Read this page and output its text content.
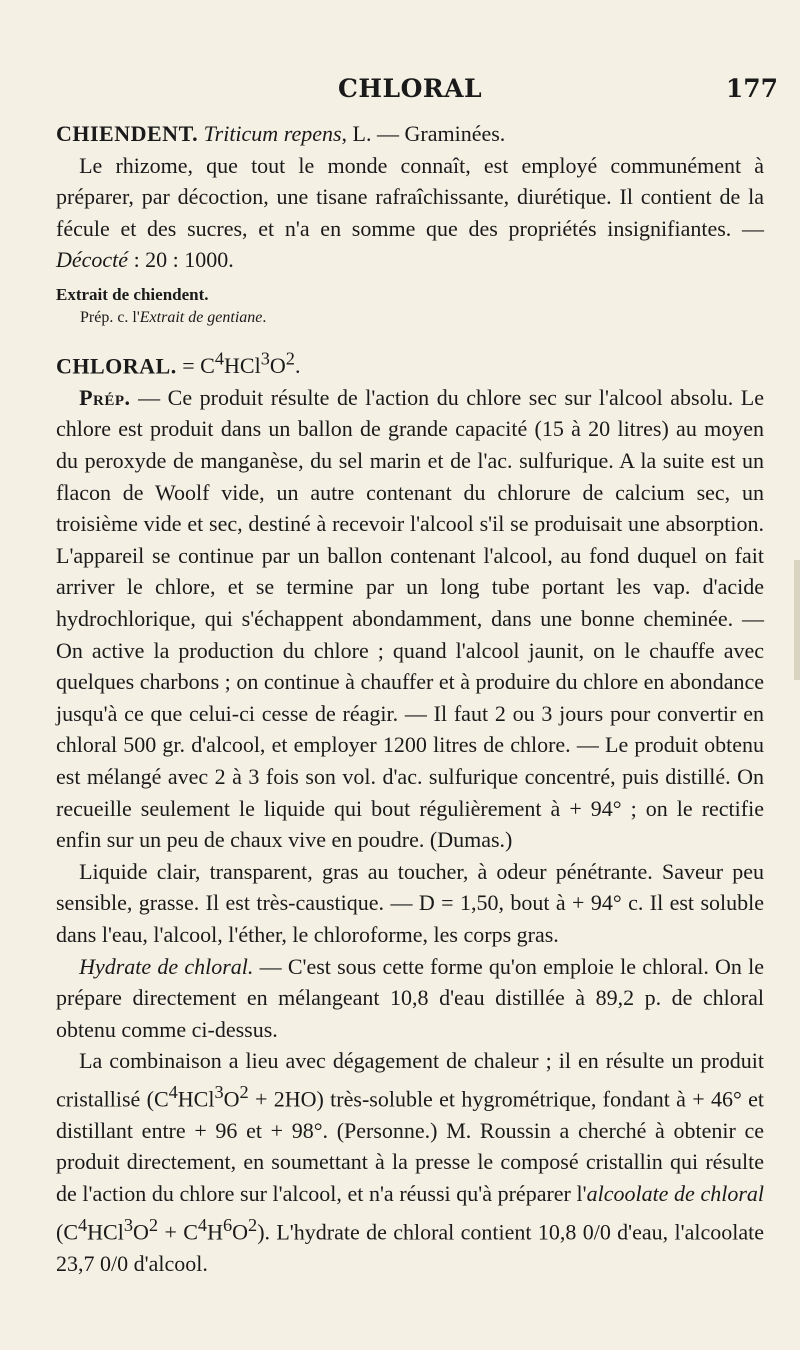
CHLORAL	177

CHIENDENT. Triticum repens, L. — Graminées.

Le rhizome, que tout le monde connaît, est employé communément à préparer, par décoction, une tisane rafraîchissante, diurétique. Il contient de la fécule et des sucres, et n'a en somme que des propriétés insignifiantes. — Décocté : 20 : 1000.

Extrait de chiendent.

Prép. c. l'Extrait de gentiane.

CHLORAL. = $C^4HCl^3O^2$.

Prép. — Ce produit résulte de l'action du chlore sec sur l'alcool absolu. Le chlore est produit dans un ballon de grande capacité (15 à 20 litres) au moyen du peroxyde de manganèse, du sel marin et de l'ac. sulfurique. A la suite est un flacon de Woolf vide, un autre contenant du chlorure de calcium sec, un troisième vide et sec, destiné à recevoir l'alcool s'il se produisait une absorption. L'appareil se continue par un ballon contenant l'alcool, au fond duquel on fait arriver le chlore, et se termine par un long tube portant les vap. d'acide hydrochlorique, qui s'échappent abondamment, dans une bonne cheminée. — On active la production du chlore ; quand l'alcool jaunit, on le chauffe avec quelques charbons ; on continue à chauffer et à produire du chlore en abondance jusqu'à ce que celui-ci cesse de réagir. — Il faut 2 ou 3 jours pour convertir en chloral 500 gr. d'alcool, et employer 1200 litres de chlore. — Le produit obtenu est mélangé avec 2 à 3 fois son vol. d'ac. sulfurique concentré, puis distillé. On recueille seulement le liquide qui bout régulièrement à + 94° ; on le rectifie enfin sur un peu de chaux vive en poudre. (Dumas.)

Liquide clair, transparent, gras au toucher, à odeur pénétrante. Saveur peu sensible, grasse. Il est très-caustique. — D = 1,50, bout à + 94° c. Il est soluble dans l'eau, l'alcool, l'éther, le chloroforme, les corps gras.

Hydrate de chloral. — C'est sous cette forme qu'on emploie le chloral. On le prépare directement en mélangeant 10,8 d'eau distillée à 89,2 p. de chloral obtenu comme ci-dessus.

La combinaison a lieu avec dégagement de chaleur ; il en résulte un produit cristallisé $(C^4HCl^3O^2 + 2HO)$ très-soluble et hygrométrique, fondant à + 46° et distillant entre + 96 et + 98°. (Personne.) M. Roussin a cherché à obtenir ce produit directement, en soumettant à la presse le composé cristallin qui résulte de l'action du chlore sur l'alcool, et n'a réussi qu'à préparer l'alcoolate de chloral $(C^4HCl^3O^2 + C^4H^6O^2)$. L'hydrate de chloral contient 10,8 0/0 d'eau, l'alcoolate 23,7 0/0 d'alcool.
